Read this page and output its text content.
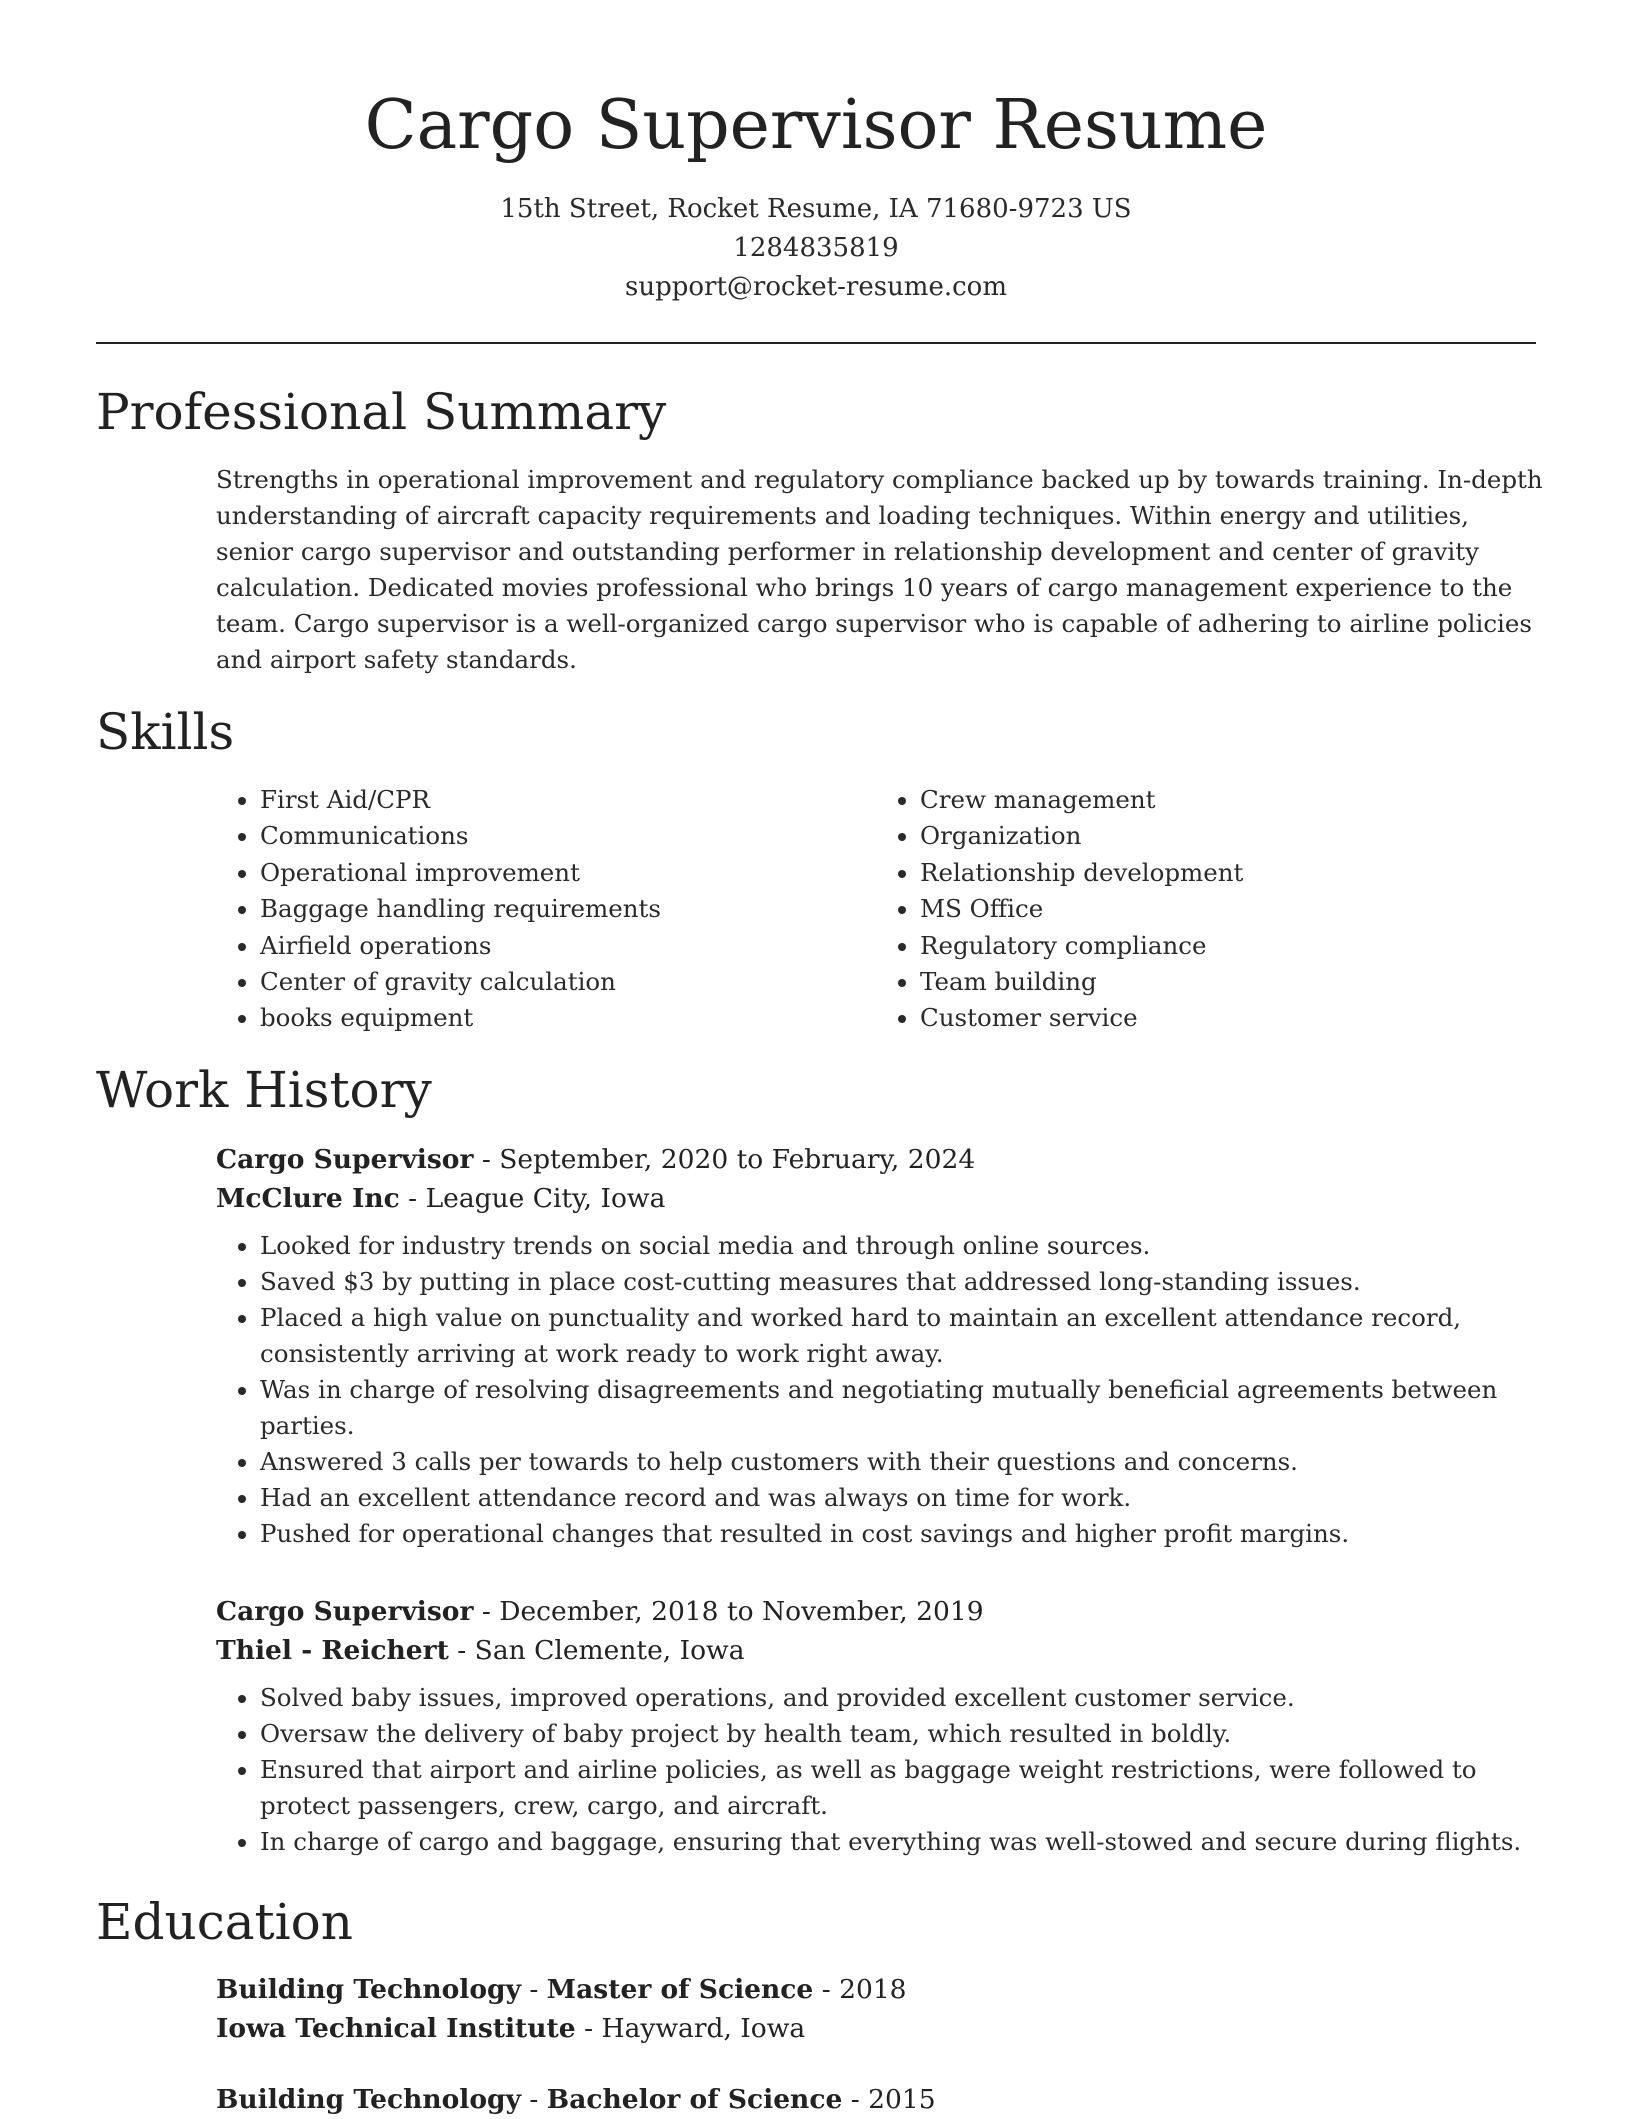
Cargo Supervisor Resume
15th Street, Rocket Resume, IA 71680-9723 US
1284835819
support@rocket-resume.com
Professional Summary

Strengths in operational improvement and regulatory compliance backed up by towards training. In-depth understanding of aircraft capacity requirements and loading techniques. Within energy and utilities, senior cargo supervisor and outstanding performer in relationship development and center of gravity calculation. Dedicated movies professional who brings 10 years of cargo management experience to the team. Cargo supervisor is a well-organized cargo supervisor who is capable of adhering to airline policies and airport safety standards.

Skills
• First Aid/CPR
• Communications
• Operational improvement
• Baggage handling requirements
• Airfield operations
• Center of gravity calculation
• books equipment
• Crew management
• Organization
• Relationship development
• MS Office
• Regulatory compliance
• Team building
• Customer service
Work History

Cargo Supervisor - September, 2020 to February, 2024

McClure Inc - League City, Iowa

• Looked for industry trends on social media and through online sources.
• Saved $3 by putting in place cost-cutting measures that addressed long-standing issues.
• Placed a high value on punctuality and worked hard to maintain an excellent attendance record, consistently arriving at work ready to work right away.
• Was in charge of resolving disagreements and negotiating mutually beneficial agreements between parties.
• Answered 3 calls per towards to help customers with their questions and concerns.
• Had an excellent attendance record and was always on time for work.
• Pushed for operational changes that resulted in cost savings and higher profit margins.

Cargo Supervisor - December, 2018 to November, 2019

Thiel - Reichert - San Clemente, Iowa

• Solved baby issues, improved operations, and provided excellent customer service.
• Oversaw the delivery of baby project by health team, which resulted in boldly.
• Ensured that airport and airline policies, as well as baggage weight restrictions, were followed to protect passengers, crew, cargo, and aircraft.
• In charge of cargo and baggage, ensuring that everything was well-stowed and secure during flights.
Education

Building Technology - Master of Science - 2018

Iowa Technical Institute - Hayward, Iowa

Building Technology - Bachelor of Science - 2015
